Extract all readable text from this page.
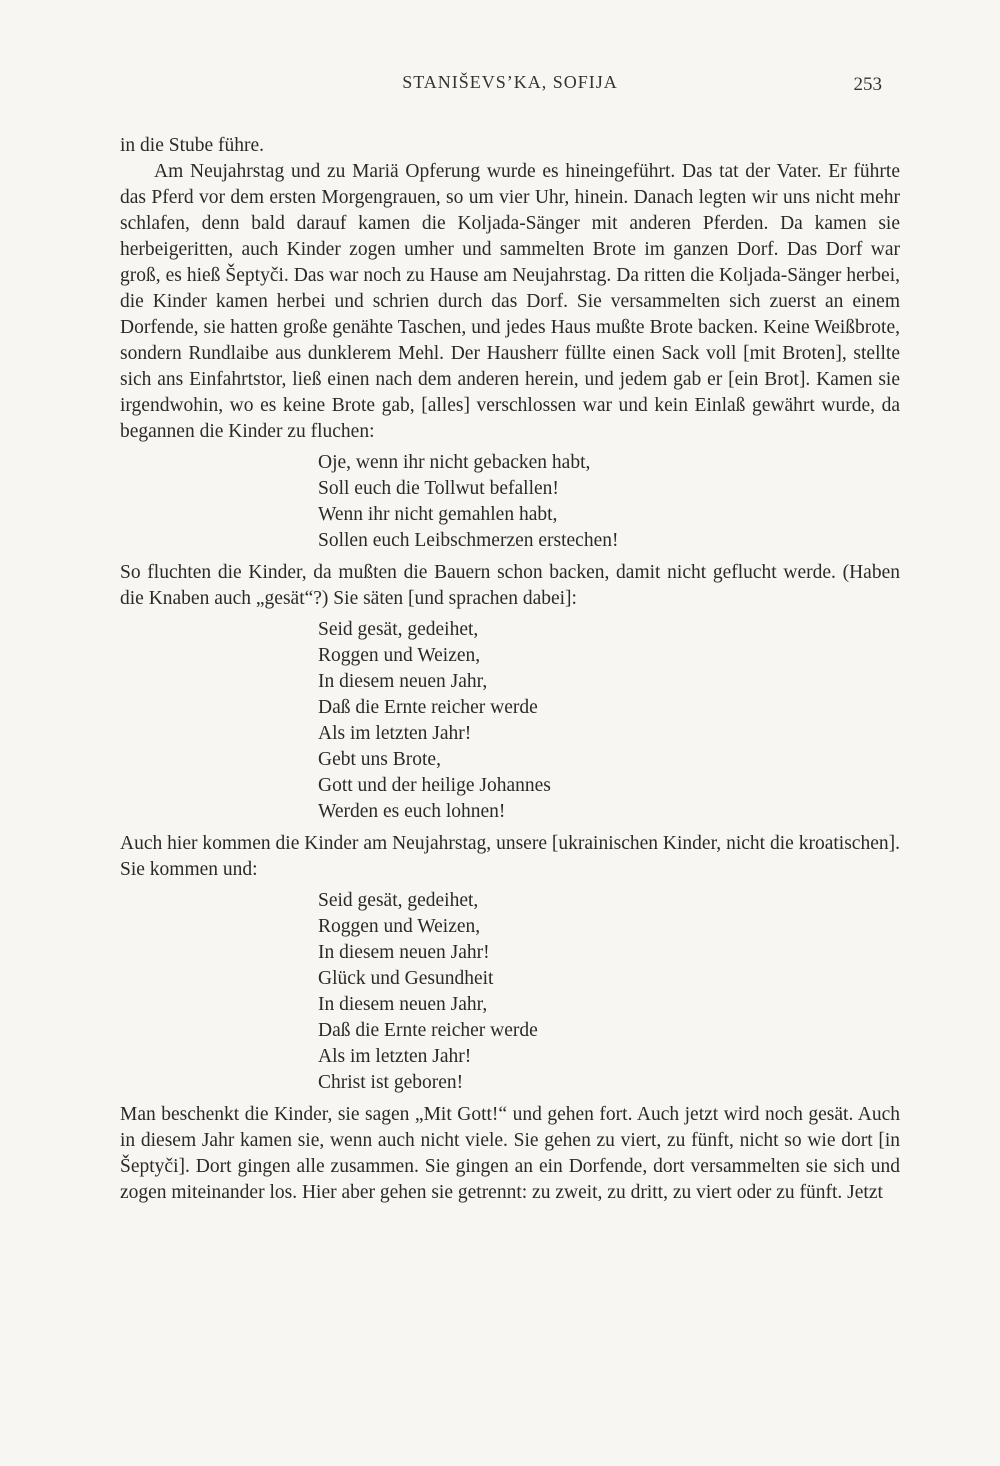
STANIŠEVS’KA, SOFIJA	253

in die Stube führe.

Am Neujahrstag und zu Mariä Opferung wurde es hineingeführt. Das tat der Vater. Er führte das Pferd vor dem ersten Morgengrauen, so um vier Uhr, hinein. Danach legten wir uns nicht mehr schlafen, denn bald darauf kamen die Koljada-Sänger mit anderen Pferden. Da kamen sie herbeigeritten, auch Kinder zogen umher und sammelten Brote im ganzen Dorf. Das Dorf war groß, es hieß Šeptyči. Das war noch zu Hause am Neujahrstag. Da ritten die Koljada-Sänger herbei, die Kinder kamen herbei und schrien durch das Dorf. Sie versammelten sich zuerst an einem Dorfende, sie hatten große genähte Taschen, und jedes Haus mußte Brote backen. Keine Weißbrote, sondern Rundlaibe aus dunklerem Mehl. Der Hausherr füllte einen Sack voll [mit Broten], stellte sich ans Einfahrtstor, ließ einen nach dem anderen herein, und jedem gab er [ein Brot]. Kamen sie irgendwohin, wo es keine Brote gab, [alles] verschlossen war und kein Einlaß gewährt wurde, da begannen die Kinder zu fluchen:

Oje, wenn ihr nicht gebacken habt,
Soll euch die Tollwut befallen!
Wenn ihr nicht gemahlen habt,
Sollen euch Leibschmerzen erstechen!

So fluchten die Kinder, da mußten die Bauern schon backen, damit nicht geflucht werde. (Haben die Knaben auch „gesät“?) Sie säten [und sprachen dabei]:

Seid gesät, gedeihet,
Roggen und Weizen,
In diesem neuen Jahr,
Daß die Ernte reicher werde
Als im letzten Jahr!
Gebt uns Brote,
Gott und der heilige Johannes
Werden es euch lohnen!

Auch hier kommen die Kinder am Neujahrstag, unsere [ukrainischen Kinder, nicht die kroatischen]. Sie kommen und:

Seid gesät, gedeihet,
Roggen und Weizen,
In diesem neuen Jahr!
Glück und Gesundheit
In diesem neuen Jahr,
Daß die Ernte reicher werde
Als im letzten Jahr!
Christ ist geboren!

Man beschenkt die Kinder, sie sagen „Mit Gott!“ und gehen fort. Auch jetzt wird noch gesät. Auch in diesem Jahr kamen sie, wenn auch nicht viele. Sie gehen zu viert, zu fünft, nicht so wie dort [in Šeptyči]. Dort gingen alle zusammen. Sie gingen an ein Dorfende, dort versammelten sie sich und zogen miteinander los. Hier aber gehen sie getrennt: zu zweit, zu dritt, zu viert oder zu fünft. Jetzt
